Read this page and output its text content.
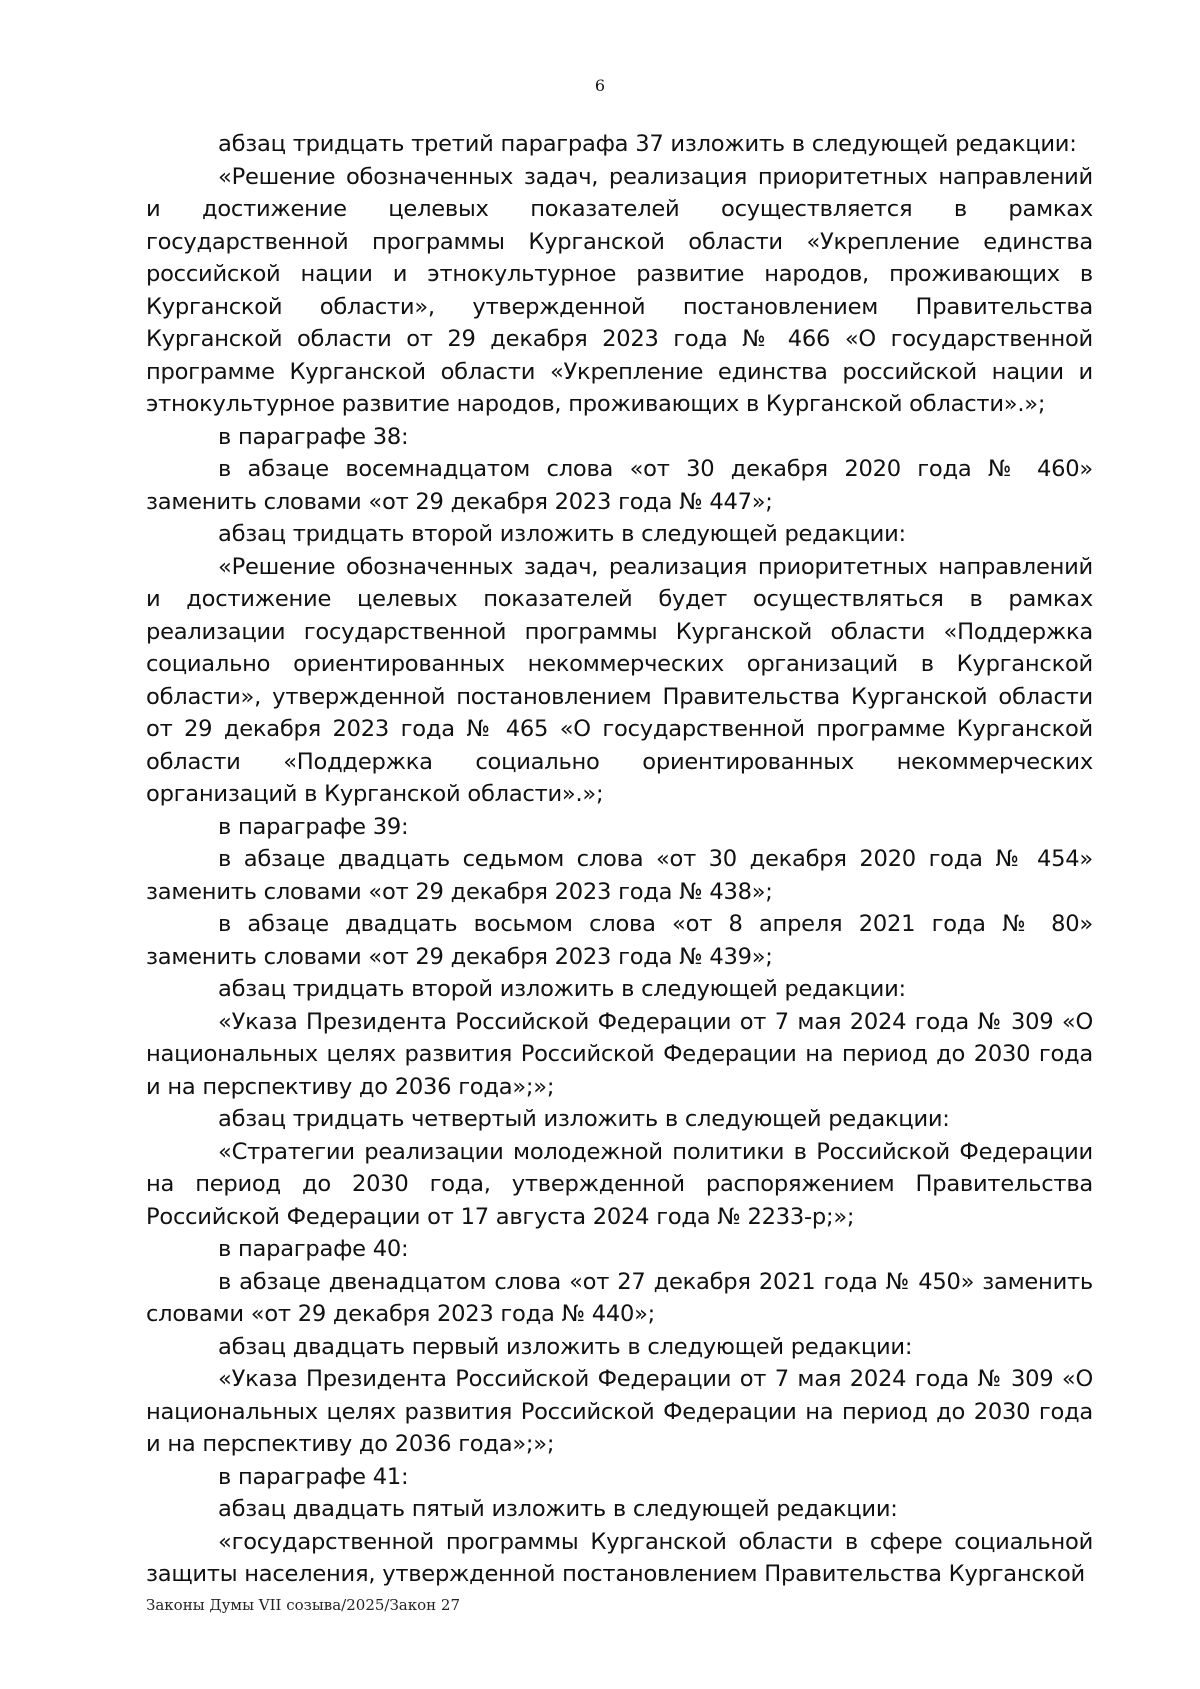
6

абзац тридцать третий параграфа 37 изложить в следующей редакции:

«Решение обозначенных задач, реализация приоритетных направлений и достижение целевых показателей осуществляется в рамках государственной программы Курганской области «Укрепление единства российской нации и этнокультурное развитие народов, проживающих в Курганской области», утвержденной постановлением Правительства Курганской области от 29 декабря 2023 года № 466 «О государственной программе Курганской области «Укрепление единства российской нации и этнокультурное развитие народов, проживающих в Курганской области».»;

в параграфе 38:

в абзаце восемнадцатом слова «от 30 декабря 2020 года № 460» заменить словами «от 29 декабря 2023 года № 447»;

абзац тридцать второй изложить в следующей редакции:

«Решение обозначенных задач, реализация приоритетных направлений и достижение целевых показателей будет осуществляться в рамках реализации государственной программы Курганской области «Поддержка социально ориентированных некоммерческих организаций в Курганской области», утвержденной постановлением Правительства Курганской области от 29 декабря 2023 года № 465 «О государственной программе Курганской области «Поддержка социально ориентированных некоммерческих организаций в Курганской области».»;

в параграфе 39:

в абзаце двадцать седьмом слова «от 30 декабря 2020 года № 454» заменить словами «от 29 декабря 2023 года № 438»;

в абзаце двадцать восьмом слова «от 8 апреля 2021 года № 80» заменить словами «от 29 декабря 2023 года № 439»;

абзац тридцать второй изложить в следующей редакции:

«Указа Президента Российской Федерации от 7 мая 2024 года № 309 «О национальных целях развития Российской Федерации на период до 2030 года и на перспективу до 2036 года»;»;

абзац тридцать четвертый изложить в следующей редакции:

«Стратегии реализации молодежной политики в Российской Федерации на период до 2030 года, утвержденной распоряжением Правительства Российской Федерации от 17 августа 2024 года № 2233-р;»;

в параграфе 40:

в абзаце двенадцатом слова «от 27 декабря 2021 года № 450» заменить словами «от 29 декабря 2023 года № 440»;

абзац двадцать первый изложить в следующей редакции:

«Указа Президента Российской Федерации от 7 мая 2024 года № 309 «О национальных целях развития Российской Федерации на период до 2030 года и на перспективу до 2036 года»;»;

в параграфе 41:

абзац двадцать пятый изложить в следующей редакции:

«государственной программы Курганской области в сфере социальной защиты населения, утвержденной постановлением Правительства Курганской

Законы Думы VII созыва/2025/Закон 27
